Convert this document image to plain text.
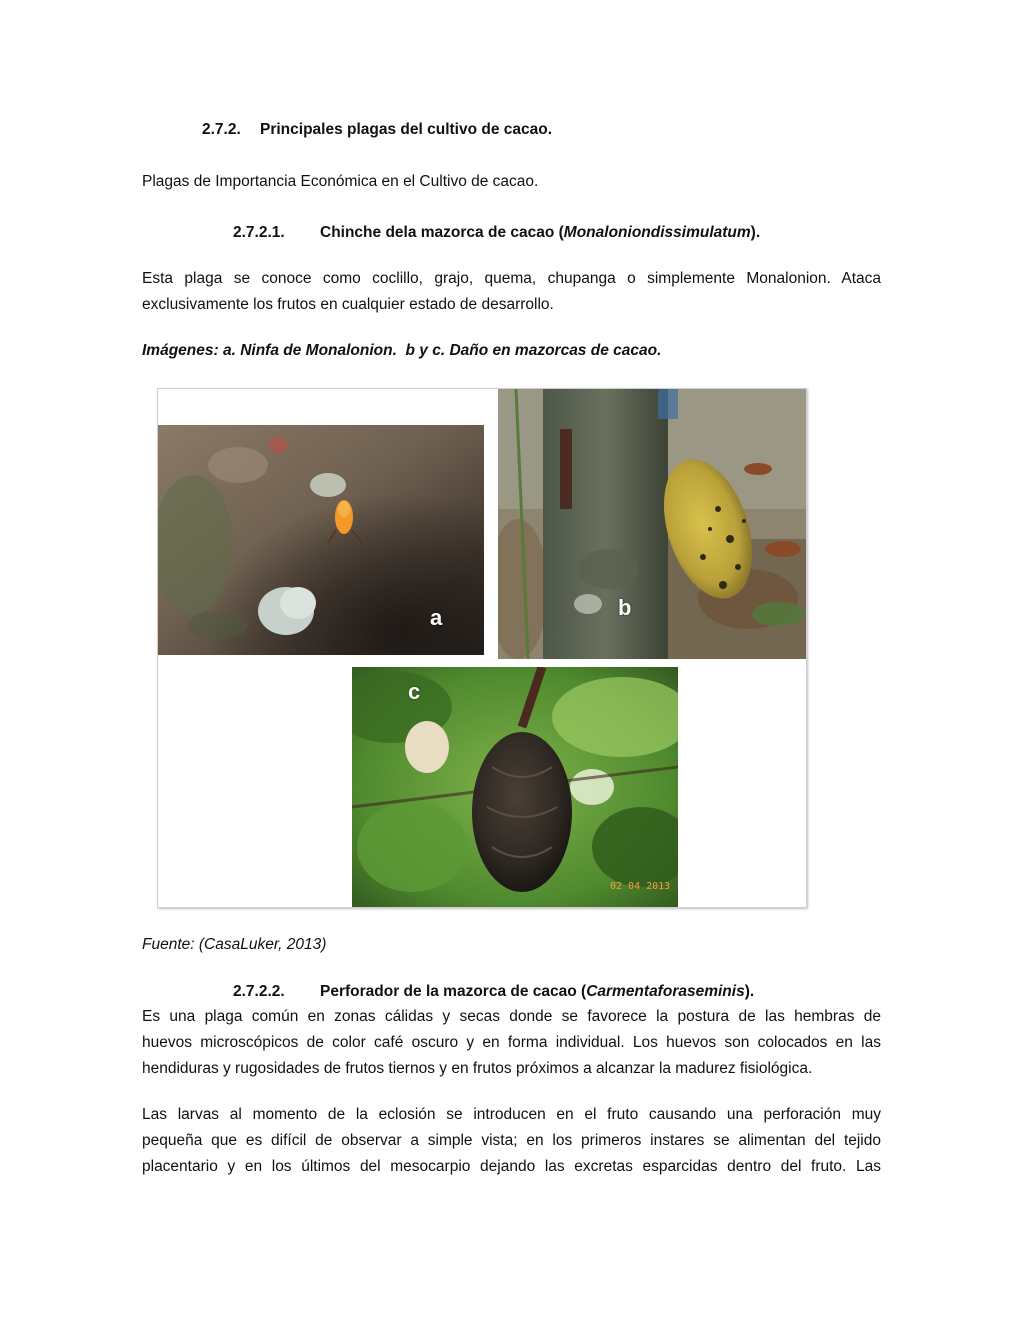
2.7.2. Principales plagas del cultivo de cacao.
Plagas de Importancia Económica en el Cultivo de cacao.
2.7.2.1. Chinche dela mazorca de cacao (Monaloniondissimulatum).
Esta plaga se conoce como coclillo, grajo, quema, chupanga o simplemente Monalonion. Ataca
exclusivamente los frutos en cualquier estado de desarrollo.
Imágenes: a. Ninfa de Monalonion.  b y c. Daño en mazorcas de cacao.
a	b
c
02 04 2013
Fuente: (CasaLuker, 2013)
2.7.2.2. Perforador de la mazorca de cacao (Carmentaforaseminis).
Es una plaga común en zonas cálidas y secas donde se favorece la postura de las hembras de
huevos microscópicos de color café oscuro y en forma individual. Los huevos son colocados en las
hendiduras y rugosidades de frutos tiernos y en frutos próximos a alcanzar la madurez fisiológica.
Las larvas al momento de la eclosión se introducen en el fruto causando una perforación muy
pequeña que es difícil de observar a simple vista; en los primeros instares se alimentan del tejido
placentario y en los últimos del mesocarpio dejando las excretas esparcidas dentro del fruto. Las
